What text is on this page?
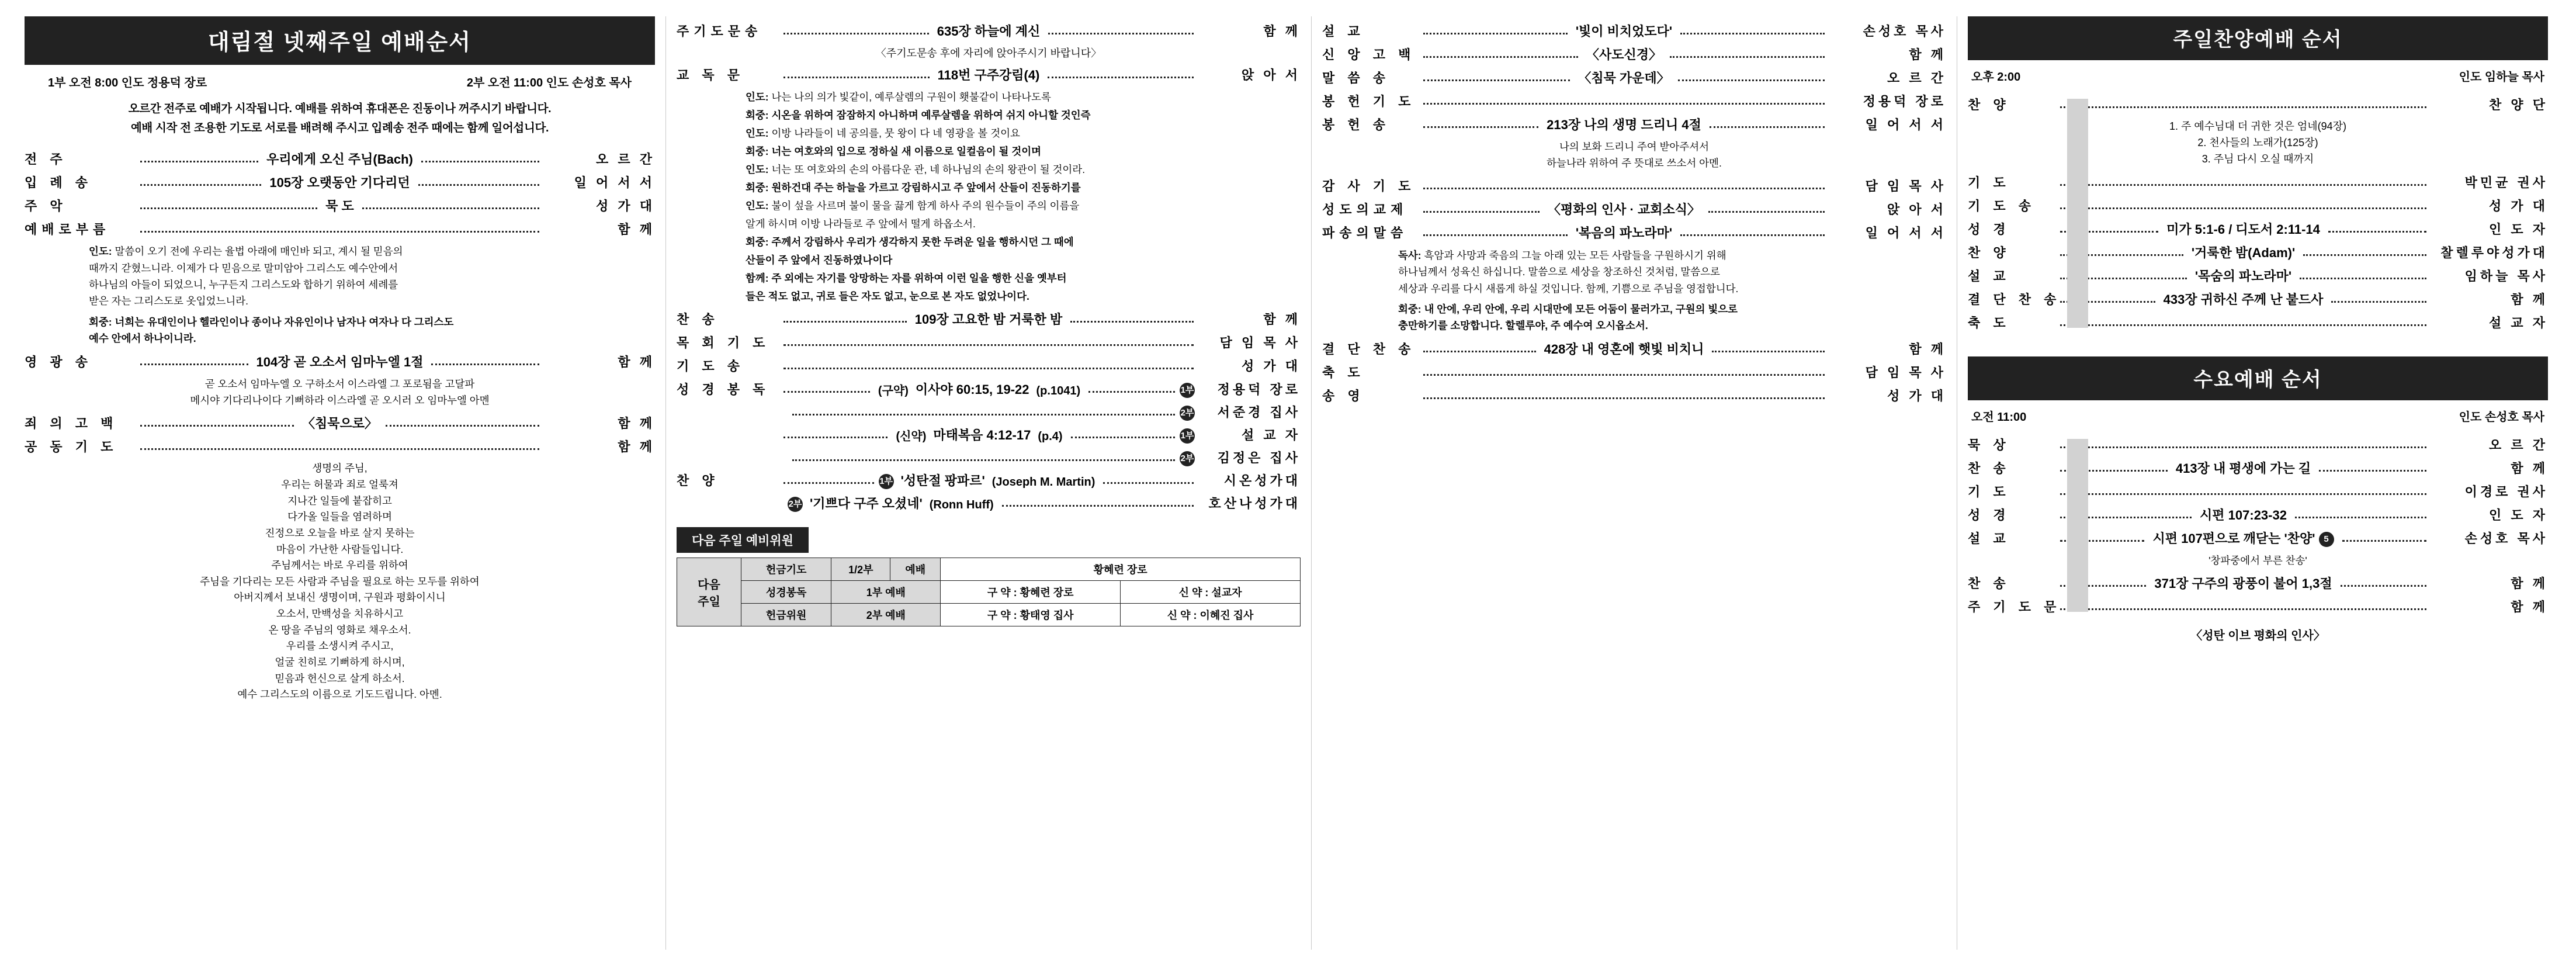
대림절 넷째주일 예배순서
1부 오전 8:00 인도 정용덕 장로	2부 오전 11:00 인도 손성호 목사
오르간 전주로 예배가 시작됩니다. 예배를 위하여 휴대폰은 진동이나 꺼주시기 바랍니다.
예배 시작 전 조용한 기도로 서로를 배려해 주시고 입례송 전주 때에는 함께 일어섭니다.
전 주	우리에게 오신 주님(Bach)	오 르 간
입 례 송	105장 오랫동안 기다리던	일 어 서 서
주 악	묵 도	성 가 대
예배로부름	함 께
인도: 말씀이 오기 전에 우리는 율법 아래에 매인바 되고, 계시 될 믿음의
때까지 갇혔느니라. 이제가 다 믿음으로 말미암아 그리스도 예수안에서
하나님의 아들이 되었으니, 누구든지 그리스도와 합하기 위하여 세례를
받은 자는 그리스도로 옷입었느니라.
회중: 너희는 유대인이나 헬라인이나 종이나 자유인이나 남자나 여자나 다 그리스도
예수 안에서 하나이니라.
영 광 송	104장 곧 오소서 임마누엘 1절	함 께
곧 오소서 임마누엘 오 구하소서 이스라엘 그 포로됨을 고달파
메시야 기다리나이다 기뻐하라 이스라엘 곧 오시러 오 임마누엘 아멘
죄 의 고 백	〈침묵으로〉	함 께
공 동 기 도	함 께
생명의 주님,
우리는 허물과 죄로 얼룩져
지나간 일들에 붙잡히고
다가올 일들을 염려하며
진정으로 오늘을 바로 살지 못하는
마음이 가난한 사람들입니다.
주님께서는 바로 우리를 위하여
주님을 기다리는 모든 사람과 주님을 필요로 하는 모두를 위하여
아버지께서 보내신 생명이며, 구원과 평화이시니
오소서, 만백성을 치유하시고
온 땅을 주님의 영화로 채우소서.
우리를 소생시켜 주시고,
얼굴 친히로 기뻐하게 하시며,
믿음과 헌신으로 살게 하소서.
예수 그리스도의 이름으로 기도드립니다. 아멘.
주기도문송	635장 하늘에 계신	함 께
〈주기도문송 후에 자리에 앉아주시기 바랍니다〉
교 독 문	118번 구주강림(4)	앉 아 서
인도: 나는 나의 의가 빛같이, 예루살렘의 구원이 횃불같이 나타나도록
회중: 시온을 위하여 잠잠하지 아니하며 예루살렘을 위하여 쉬지 아니할 것인즉
인도: 이방 나라들이 네 공의를, 뭇 왕이 다 네 영광을 볼 것이요
회중: 너는 여호와의 입으로 정하실 새 이름으로 일컬음이 될 것이며
인도: 너는 또 여호와의 손의 아름다운 관, 네 하나님의 손의 왕관이 될 것이라.
회중: 원하건대 주는 하늘을 가르고 강림하시고 주 앞에서 산들이 진동하기를
인도: 불이 섶을 사르며 불이 물을 끓게 함게 하사 주의 원수들이 주의 이름을
알게 하시며 이방 나라들로 주 앞에서 떨게 하옵소서.
회중: 주께서 강림하사 우리가 생각하지 못한 두려운 일을 행하시던 그 때에
산들이 주 앞에서 진동하였나이다
함께: 주 외에는 자기를 앙망하는 자를 위하여 이런 일을 행한 신을 옛부터
들은 적도 없고, 귀로 들은 자도 없고, 눈으로 본 자도 없었나이다.
찬 송	109장 고요한 밤 거룩한 밤	함 께
목 회 기 도	담 임 목 사
기 도 송	성 가 대
성 경 봉 독	(구약) 이사야 60:15, 19-22 (p.1041)	1부	정용덕 장로
2부	서준경 집사

(신약) 마태복음 4:12-17 (p.4)	1부	설 교 자
2부	김정은 집사
찬 양	1부 '성탄절 팡파르' (Joseph M. Martin)	시온성가대
2부 '기쁘다 구주 오셨네' (Ronn Huff)	호산나성가대
다음 주일 예비위원
다음
주일	헌금기도	1/2부	예배	황혜련 장로	
	성경봉독	1부 예배		구 약 : 황혜련 장로	신 약 : 설교자
	헌금위원	2부 예배		구 약 : 황태영 집사	신 약 : 이혜진 집사
설 교	'빛이 비치었도다'	손성호 목사
신 앙 고 백	〈사도신경〉	함 께
말 씀 송	〈침묵 가운데〉	오 르 간
봉 헌 기 도	정용덕 장로
봉 헌 송	213장 나의 생명 드리니 4절	일 어 서 서
나의 보화 드리니 주여 받아주셔서
하늘나라 위하여 주 뜻대로 쓰소서 아멘.
감 사 기 도	담 임 목 사
성도의교제	〈평화의 인사 · 교회소식〉	앉 아 서
파송의말씀	'복음의 파노라마'	일 어 서 서
독사: 흑암과 사망과 죽음의 그늘 아래 있는 모든 사람들을 구원하시기 위해
하나님께서 성육신 하십니다. 말씀으로 세상을 창조하신 것처럼, 말씀으로
세상과 우리를 다시 새롭게 하실 것입니다. 함께, 기쁨으로 주님을 영접합니다.
회중: 내 안에, 우리 안에, 우리 시대만에 모든 어둠이 물러가고, 구원의 빛으로
충만하기를 소망합니다. 할렐루야, 주 예수여 오시옵소서.
결 단 찬 송	428장 내 영혼에 햇빛 비치니	함 께
축 도	담 임 목 사
송 영	성 가 대
주일찬양예배 순서
오후 2:00	인도 임하늘 목사
찬 양	찬 양 단
1. 주 예수님대 더 귀한 것은 엄네(94장)
2. 천사들의 노래가(125장)
3. 주님 다시 오실 때까지
기 도	박민균 권사
기 도 송	성 가 대
성 경	미가 5:1-6 / 디도서 2:11-14	인 도 자
찬 양	'거룩한 밤(Adam)'	찰렐루야성가대
설 교	'목숨의 파노라마'	임하늘 목사
결 단 찬 송	433장 귀하신 주께 난 붙드사	함 께
축 도	설 교 자
수요예배 순서
오전 11:00	인도 손성호 목사
묵 상	오 르 간
찬 송	413장 내 평생에 가는 길	함 께
기 도	이경로 권사
성 경	시편 107:23-32	인 도 자
설 교	시편 107편으로 깨닫는 '찬양' 5	손성호 목사
'창파중에서 부른 찬송'
찬 송	371장 구주의 광풍이 불어 1,3절	함 께
주 기 도 문	함 께
〈성탄 이브 평화의 인사〉
